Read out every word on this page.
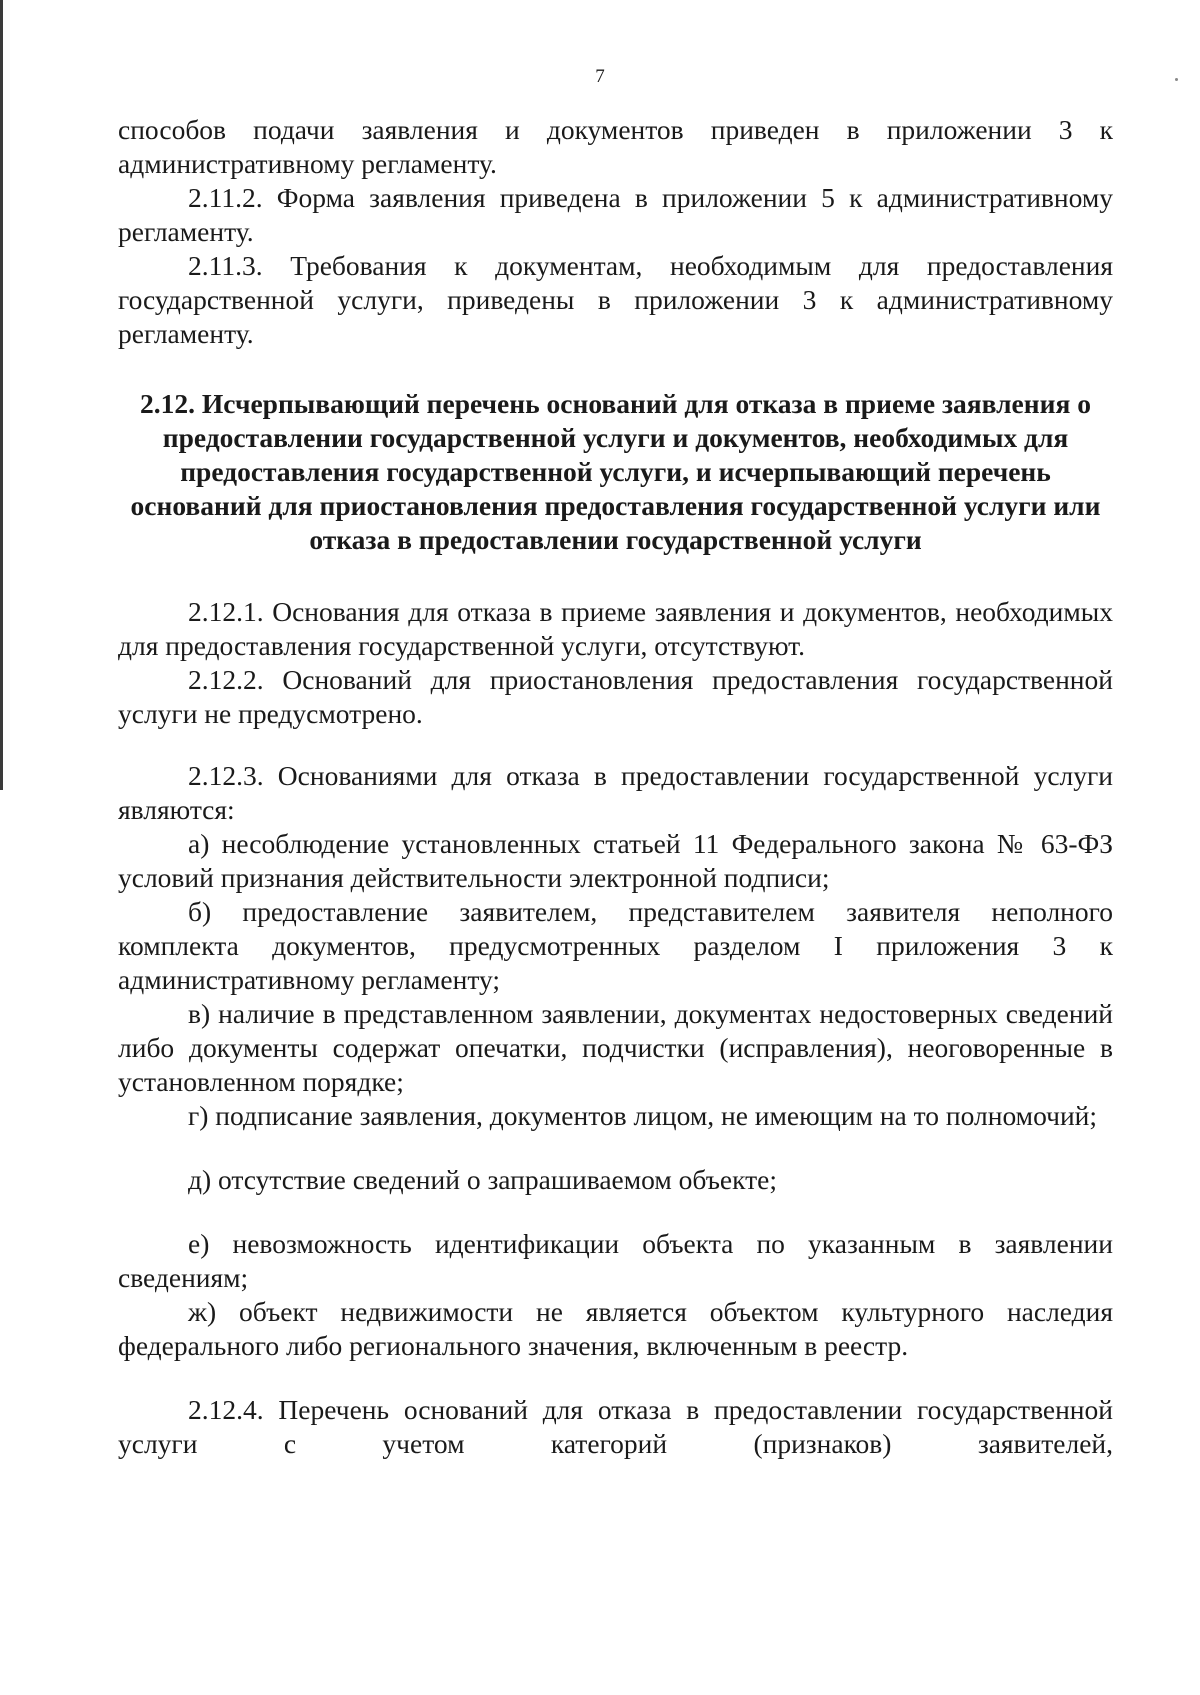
7

способов подачи заявления и документов приведен в приложении 3 к административному регламенту.

2.11.2. Форма заявления приведена в приложении 5 к административному регламенту.

2.11.3. Требования к документам, необходимым для предоставления государственной услуги, приведены в приложении 3 к административному регламенту.

2.12. Исчерпывающий перечень оснований для отказа в приеме заявления о предоставлении государственной услуги и документов, необходимых для предоставления государственной услуги, и исчерпывающий перечень оснований для приостановления предоставления государственной услуги или отказа в предоставлении государственной услуги

2.12.1. Основания для отказа в приеме заявления и документов, необходимых для предоставления государственной услуги, отсутствуют.

2.12.2. Оснований для приостановления предоставления государственной услуги не предусмотрено.

2.12.3. Основаниями для отказа в предоставлении государственной услуги являются:

а) несоблюдение установленных статьей 11 Федерального закона № 63-ФЗ условий признания действительности электронной подписи;

б) предоставление заявителем, представителем заявителя неполного комплекта документов, предусмотренных разделом I приложения 3 к административному регламенту;

в) наличие в представленном заявлении, документах недостоверных сведений либо документы содержат опечатки, подчистки (исправления), неоговоренные в установленном порядке;

г) подписание заявления, документов лицом, не имеющим на то полномочий;

д) отсутствие сведений о запрашиваемом объекте;

е) невозможность идентификации объекта по указанным в заявлении сведениям;

ж) объект недвижимости не является объектом культурного наследия федерального либо регионального значения, включенным в реестр.

2.12.4. Перечень оснований для отказа в предоставлении государственной услуги с учетом категорий (признаков) заявителей,
